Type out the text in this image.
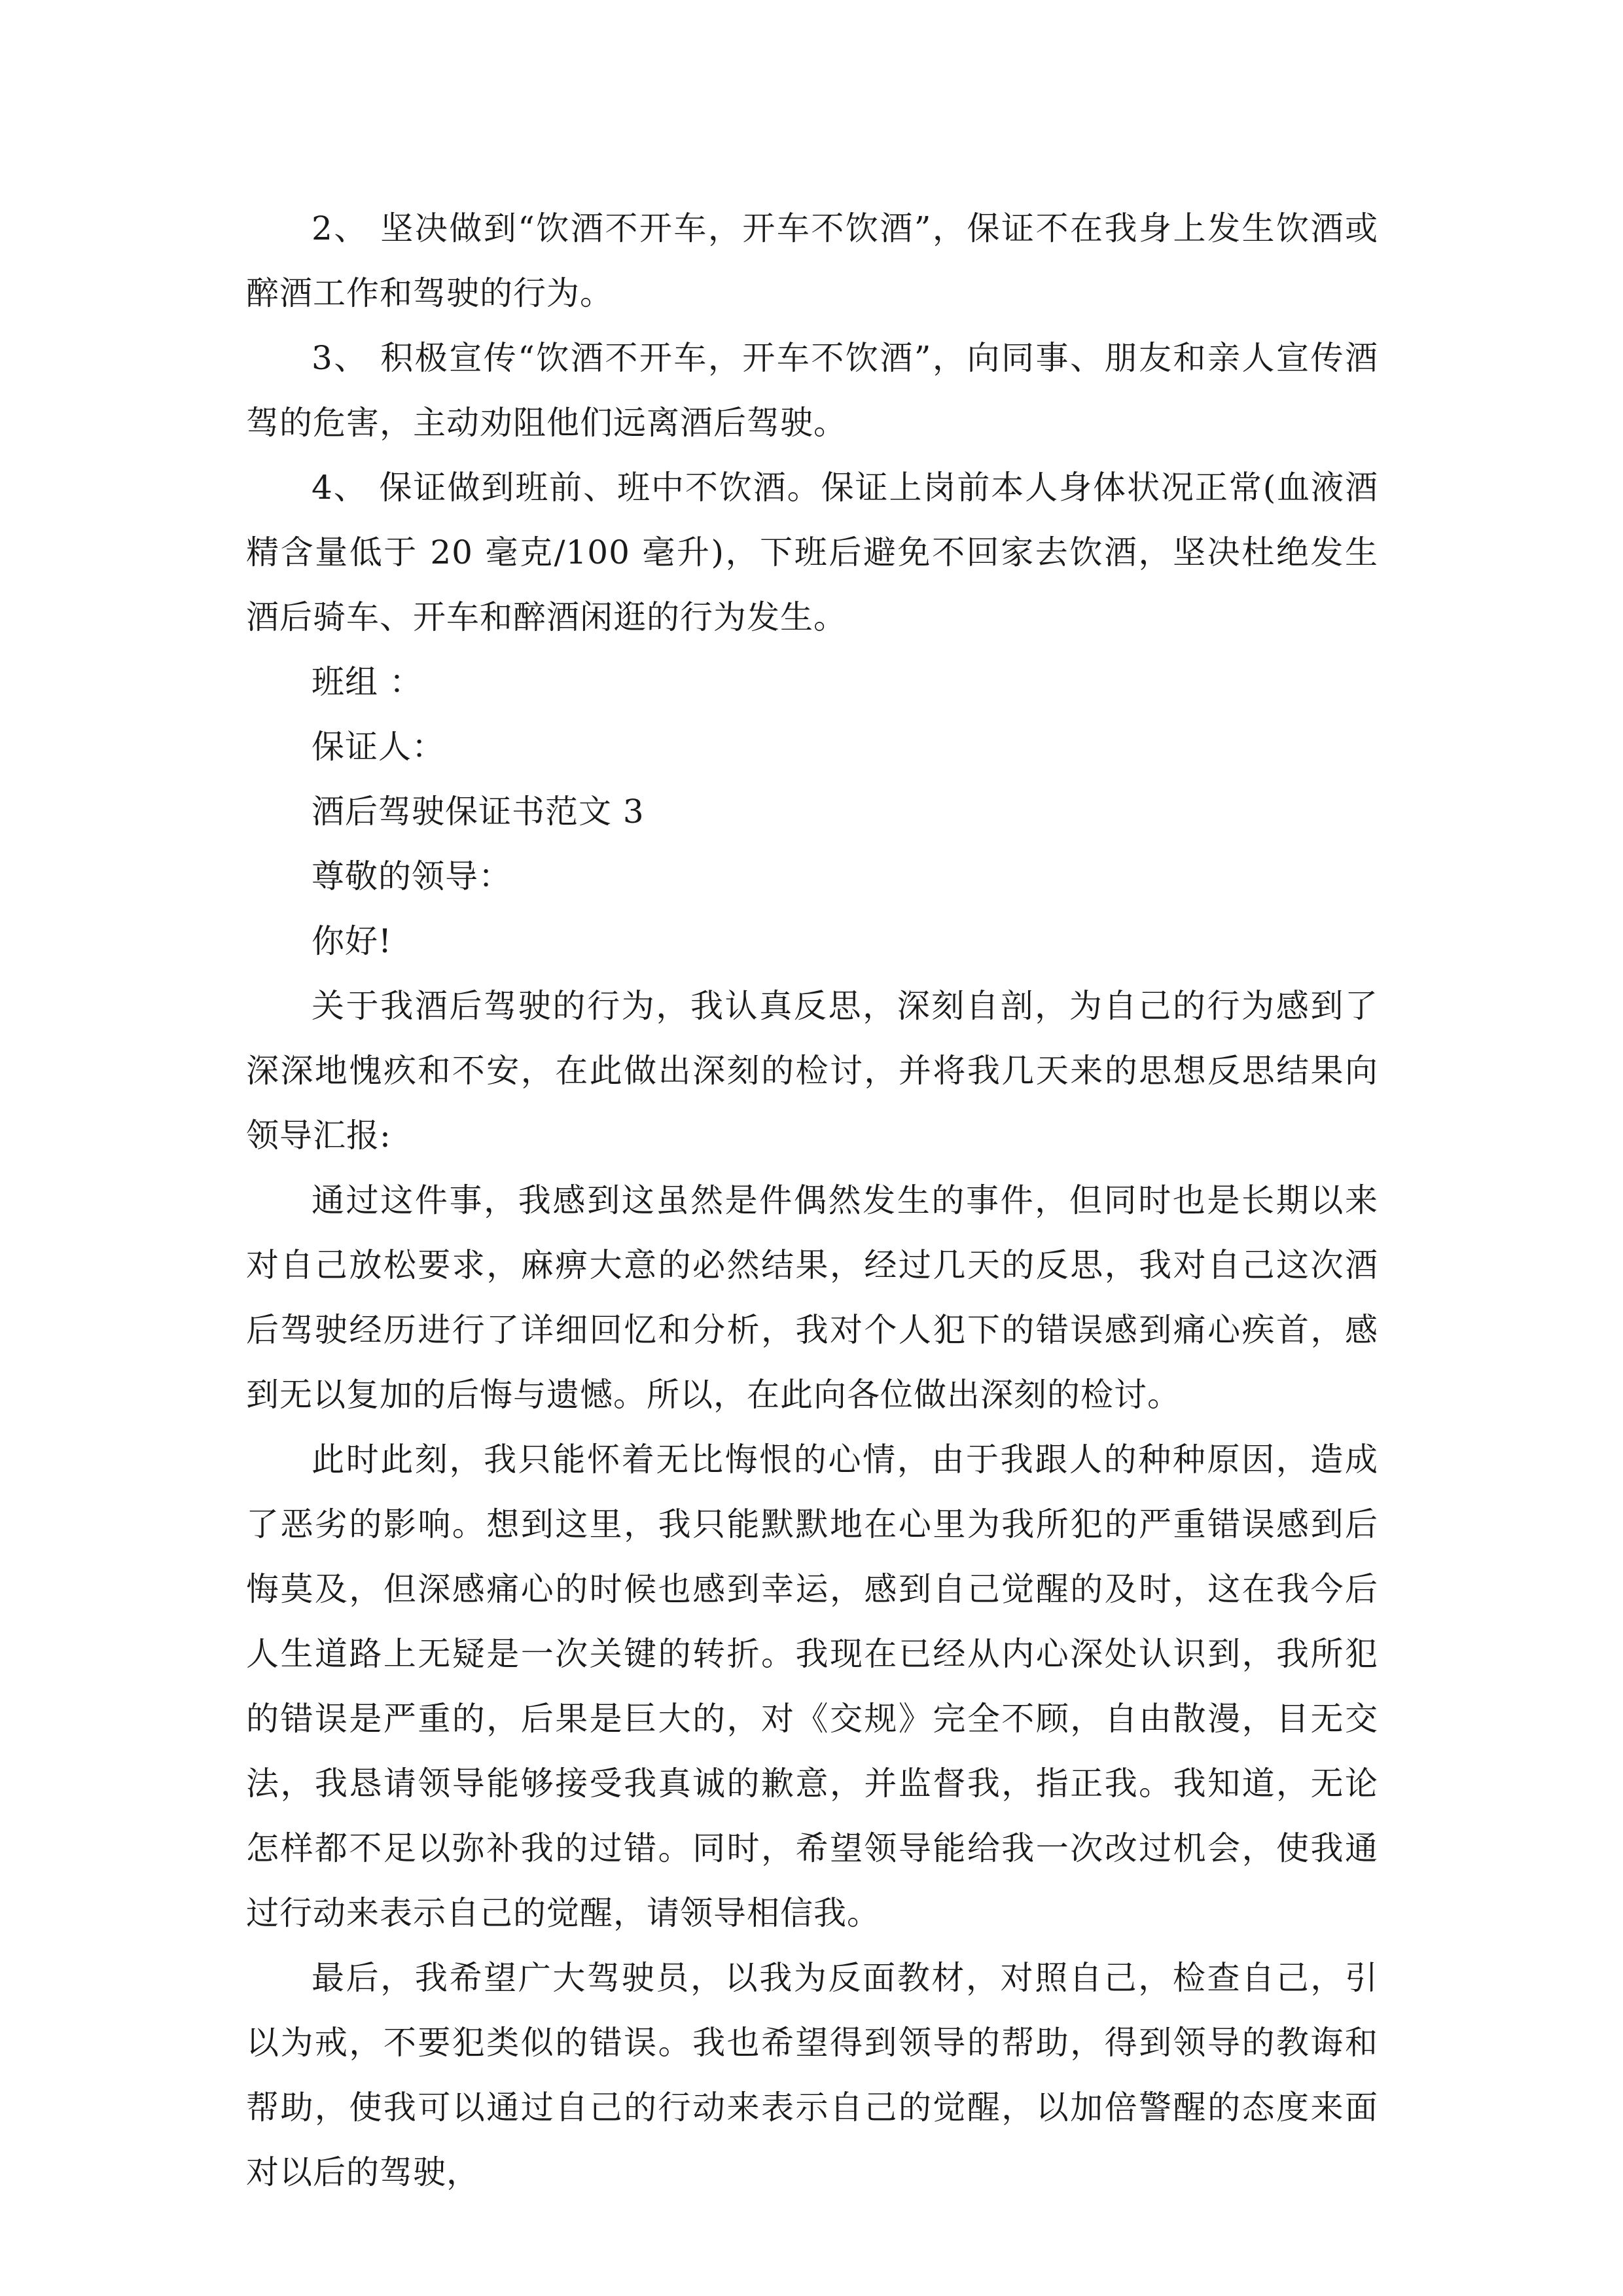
2、 坚决做到“饮酒不开车，开车不饮酒”，保证不在我身上发生饮酒或醉酒工作和驾驶的行为。

3、 积极宣传“饮酒不开车，开车不饮酒”，向同事、朋友和亲人宣传酒驾的危害，主动劝阻他们远离酒后驾驶。

4、 保证做到班前、班中不饮酒。保证上岗前本人身体状况正常(血液酒精含量低于 20 毫克/100 毫升)，下班后避免不回家去饮酒，坚决杜绝发生酒后骑车、开车和醉酒闲逛的行为发生。

班组 ：

保证人：

酒后驾驶保证书范文 3

尊敬的领导：

你好!

关于我酒后驾驶的行为，我认真反思，深刻自剖，为自己的行为感到了深深地愧疚和不安，在此做出深刻的检讨，并将我几天来的思想反思结果向领导汇报:

通过这件事，我感到这虽然是件偶然发生的事件，但同时也是长期以来对自己放松要求，麻痹大意的必然结果，经过几天的反思，我对自己这次酒后驾驶经历进行了详细回忆和分析，我对个人犯下的错误感到痛心疾首，感到无以复加的后悔与遗憾。所以，在此向各位做出深刻的检讨。

此时此刻，我只能怀着无比悔恨的心情，由于我跟人的种种原因，造成了恶劣的影响。想到这里，我只能默默地在心里为我所犯的严重错误感到后悔莫及，但深感痛心的时候也感到幸运，感到自己觉醒的及时，这在我今后人生道路上无疑是一次关键的转折。我现在已经从内心深处认识到，我所犯的错误是严重的，后果是巨大的，对《交规》完全不顾，自由散漫，目无交法，我恳请领导能够接受我真诚的歉意，并监督我，指正我。我知道，无论怎样都不足以弥补我的过错。同时，希望领导能给我一次改过机会，使我通过行动来表示自己的觉醒，请领导相信我。

最后，我希望广大驾驶员，以我为反面教材，对照自己，检查自己，引以为戒，不要犯类似的错误。我也希望得到领导的帮助，得到领导的教诲和帮助，使我可以通过自己的行动来表示自己的觉醒，以加倍警醒的态度来面对以后的驾驶，
